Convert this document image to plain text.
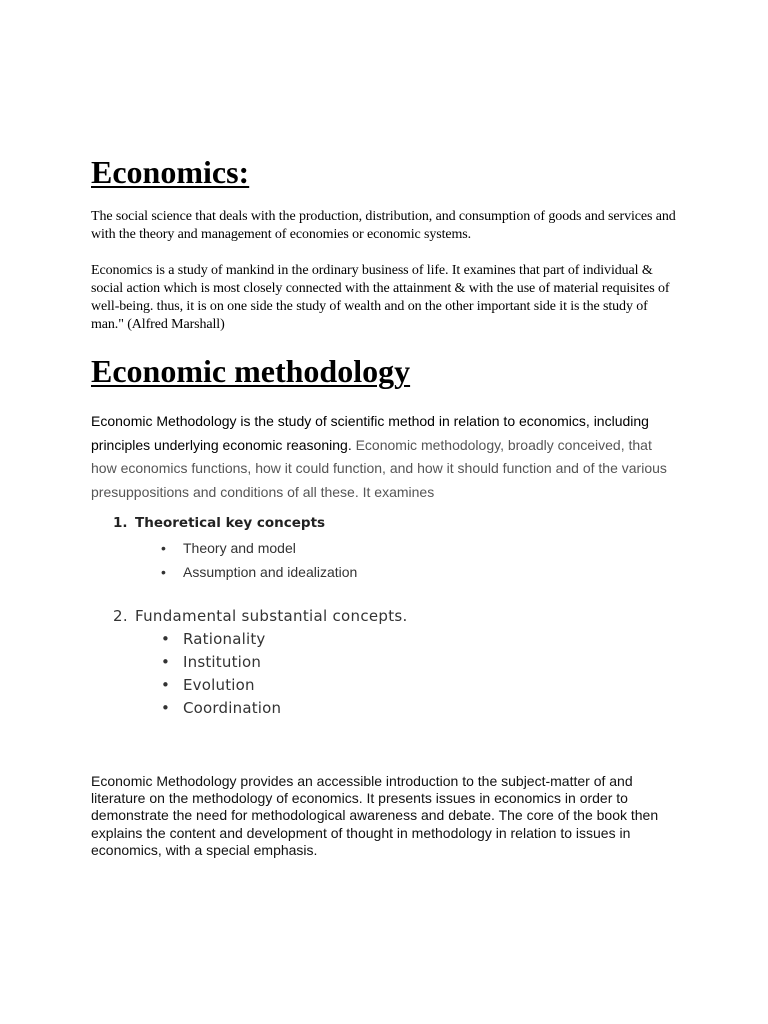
Economics:

The social science that deals with the production, distribution, and consumption of goods and services and with the theory and management of economies or economic systems.

Economics is a study of mankind in the ordinary business of life. It examines that part of individual & social action which is most closely connected with the attainment & with the use of material requisites of well-being. thus, it is on one side the study of wealth and on the other important side it is the study of man." (Alfred Marshall)

Economic methodology

Economic Methodology is the study of scientific method in relation to economics, including principles underlying economic reasoning. Economic methodology, broadly conceived, that how economics functions, how it could function, and how it should function and of the various presuppositions and conditions of all these. It examines

1. Theoretical key concepts
• Theory and model
• Assumption and idealization
2. Fundamental substantial concepts.
• Rationality
• Institution
• Evolution
• Coordination

Economic Methodology provides an accessible introduction to the subject-matter of and literature on the methodology of economics. It presents issues in economics in order to demonstrate the need for methodological awareness and debate. The core of the book then explains the content and development of thought in methodology in relation to issues in economics, with a special emphasis.
